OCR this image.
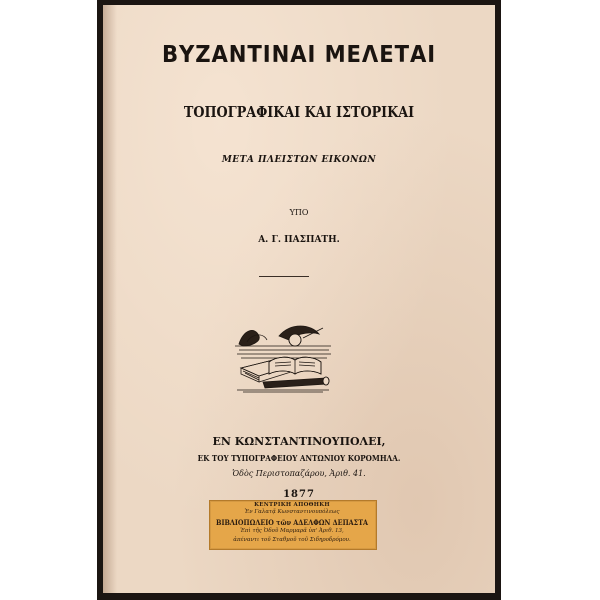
ΒΥΖΑΝΤΙΝΑΙ ΜΕΛΕΤΑΙ
ΤΟΠΟΓΡΑΦΙΚΑΙ ΚΑΙ ΙΣΤΟΡΙΚΑΙ
ΜΕΤΑ ΠΛΕΙΣΤΩΝ ΕΙΚΟΝΩΝ
ΥΠΟ
Α. Γ. ΠΑΣΠΑΤΗ.
ΕΝ ΚΩΝΣΤΑΝΤΙΝΟΥΠΟΛΕΙ,
ΕΚ ΤΟΥ ΤΥΠΟΓΡΑΦΕΙΟΥ ΑΝΤΩΝΙΟΥ ΚΟΡΟΜΗΛΑ.
Ὁδὸς Περιστοπαζάρου, Ἀριθ. 41.
1877
ΚΕΝΤΡΙΚΗ ΑΠΟΘΗΚΗ
Ἐν Γαλατᾷ Κωνσταντινουπόλεως
ΒΙΒΛΙΟΠΩΛΕΙΟ τῶν ΑΔΕΛΦΩΝ ΔΕΠΑΣΤΑ
Ἐπὶ τῆς Ὁδοῦ Μαρμαρᾶ ὑπ' Ἀριθ. 13,
ἀπέναντι τοῦ Σταθμοῦ τοῦ Σιδηροδρόμου.
